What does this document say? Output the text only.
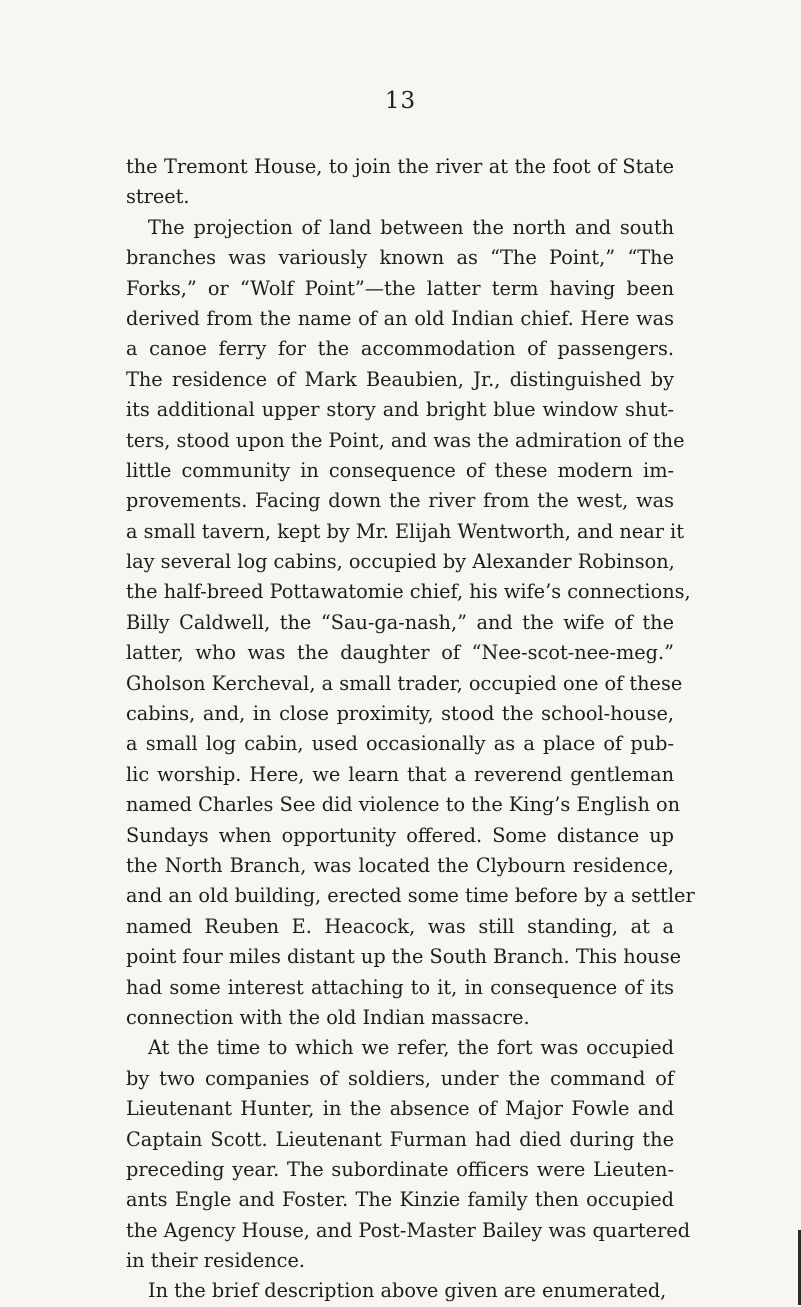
13
the Tremont House, to join the river at the foot of State
street.
The projection of land between the north and south
branches was variously known as “The Point,” “The
Forks,” or “Wolf Point”—the latter term having been
derived from the name of an old Indian chief. Here was
a canoe ferry for the accommodation of passengers.
The residence of Mark Beaubien, Jr., distinguished by
its additional upper story and bright blue window shut-
ters, stood upon the Point, and was the admiration of the
little community in consequence of these modern im-
provements. Facing down the river from the west, was
a small tavern, kept by Mr. Elijah Wentworth, and near it
lay several log cabins, occupied by Alexander Robinson,
the half-breed Pottawatomie chief, his wife’s connections,
Billy Caldwell, the “Sau-ga-nash,” and the wife of the
latter, who was the daughter of “Nee-scot-nee-meg.”
Gholson Kercheval, a small trader, occupied one of these
cabins, and, in close proximity, stood the school-house,
a small log cabin, used occasionally as a place of pub-
lic worship. Here, we learn that a reverend gentleman
named Charles See did violence to the King’s English on
Sundays when opportunity offered. Some distance up
the North Branch, was located the Clybourn residence,
and an old building, erected some time before by a settler
named Reuben E. Heacock, was still standing, at a
point four miles distant up the South Branch. This house
had some interest attaching to it, in consequence of its
connection with the old Indian massacre.
At the time to which we refer, the fort was occupied
by two companies of soldiers, under the command of
Lieutenant Hunter, in the absence of Major Fowle and
Captain Scott. Lieutenant Furman had died during the
preceding year. The subordinate officers were Lieuten-
ants Engle and Foster. The Kinzie family then occupied
the Agency House, and Post-Master Bailey was quartered
in their residence.
In the brief description above given are enumerated,
